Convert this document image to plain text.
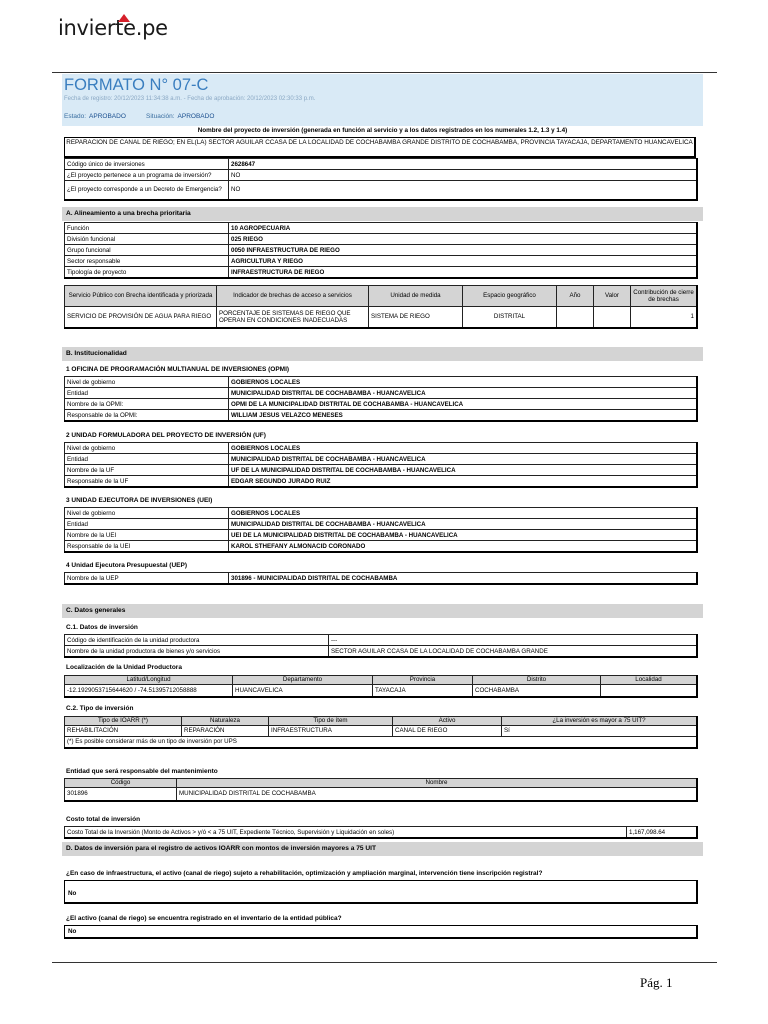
invierte.pe
FORMATO N° 07-C
Fecha de registro: 20/12/2023 11:34:38 a.m. - Fecha de aprobación: 20/12/2023 02:30:33 p.m.
Estado: APROBADO	Situación: APROBADO
Nombre del proyecto de inversión (generada en función al servicio y a los datos registrados en los numerales 1.2, 1.3 y 1.4)
REPARACION DE CANAL DE RIEGO; EN EL(LA) SECTOR AGUILAR CCASA DE LA LOCALIDAD DE COCHABAMBA GRANDE DISTRITO DE COCHABAMBA, PROVINCIA TAYACAJA, DEPARTAMENTO HUANCAVELICA
Código único de inversiones	2628647
¿El proyecto pertenece a un programa de inversión?	NO
¿El proyecto corresponde a un Decreto de Emergencia?	NO
A. Alineamiento a una brecha prioritaria
Función	10 AGROPECUARIA
División funcional	025 RIEGO
Grupo funcional	0050 INFRAESTRUCTURA DE RIEGO
Sector responsable	AGRICULTURA Y RIEGO
Tipología de proyecto	INFRAESTRUCTURA DE RIEGO
Servicio Público con Brecha identificada y priorizada	Indicador de brechas de acceso a servicios	Unidad de medida	Espacio geográfico	Año	Valor	Contribución de cierre de brechas
SERVICIO DE PROVISIÓN DE AGUA PARA RIEGO	PORCENTAJE DE SISTEMAS DE RIEGO QUE OPERAN EN CONDICIONES INADECUADAS	SISTEMA DE RIEGO	DISTRITAL			1
B. Institucionalidad
1 OFICINA DE PROGRAMACIÓN MULTIANUAL DE INVERSIONES (OPMI)
Nivel de gobierno	GOBIERNOS LOCALES
Entidad	MUNICIPALIDAD DISTRITAL DE COCHABAMBA - HUANCAVELICA
Nombre de la OPMI:	OPMI DE LA MUNICIPALIDAD DISTRITAL DE COCHABAMBA - HUANCAVELICA
Responsable de la OPMI:	WILLIAM JESUS VELAZCO MENESES
2 UNIDAD FORMULADORA DEL PROYECTO DE INVERSIÓN (UF)
Nivel de gobierno	GOBIERNOS LOCALES
Entidad	MUNICIPALIDAD DISTRITAL DE COCHABAMBA - HUANCAVELICA
Nombre de la UF	UF DE LA MUNICIPALIDAD DISTRITAL DE COCHABAMBA - HUANCAVELICA
Responsable de la UF	EDGAR SEGUNDO JURADO RUIZ
3 UNIDAD EJECUTORA DE INVERSIONES (UEI)
Nivel de gobierno	GOBIERNOS LOCALES
Entidad	MUNICIPALIDAD DISTRITAL DE COCHABAMBA - HUANCAVELICA
Nombre de la UEI	UEI DE LA MUNICIPALIDAD DISTRITAL DE COCHABAMBA - HUANCAVELICA
Responsable de la UEI	KAROL STHEFANY ALMONACID CORONADO
4 Unidad Ejecutora Presupuestal (UEP)
Nombre de la UEP	301896 - MUNICIPALIDAD DISTRITAL DE COCHABAMBA
C. Datos generales
C.1. Datos de inversión
Código de identificación de la unidad productora	---
Nombre de la unidad productora de bienes y/o servicios	SECTOR AGUILAR CCASA DE LA LOCALIDAD DE COCHABAMBA GRANDE
Localización de la Unidad Productora
Latitud/Longitud	Departamento	Provincia	Distrito	Localidad
-12.1929053715644620 / -74.51395712058888	HUANCAVELICA	TAYACAJA	COCHABAMBA	
C.2. Tipo de inversión
Tipo de IOARR (*)	Naturaleza	Tipo de ítem	Activo	¿La inversión es mayor a 75 UIT?
REHABILITACIÓN	REPARACIÓN	INFRAESTRUCTURA	CANAL DE RIEGO	Sí
(*) Es posible considerar más de un tipo de inversión por UPS				
Entidad que será responsable del mantenimiento
Código	Nombre
301896	MUNICIPALIDAD DISTRITAL DE COCHABAMBA
Costo total de inversión
Costo Total de la Inversión (Monto de Activos > y/ó < a 75 UIT, Expediente Técnico, Supervisión y Liquidación en soles)	1,167,098.64
D. Datos de inversión para el registro de activos IOARR con montos de inversión mayores a 75 UIT
¿En caso de infraestructura, el activo (canal de riego) sujeto a rehabilitación, optimización y ampliación marginal, intervención tiene inscripción registral?
No
¿El activo (canal de riego) se encuentra registrado en el inventario de la entidad pública?
No
Pág. 1
